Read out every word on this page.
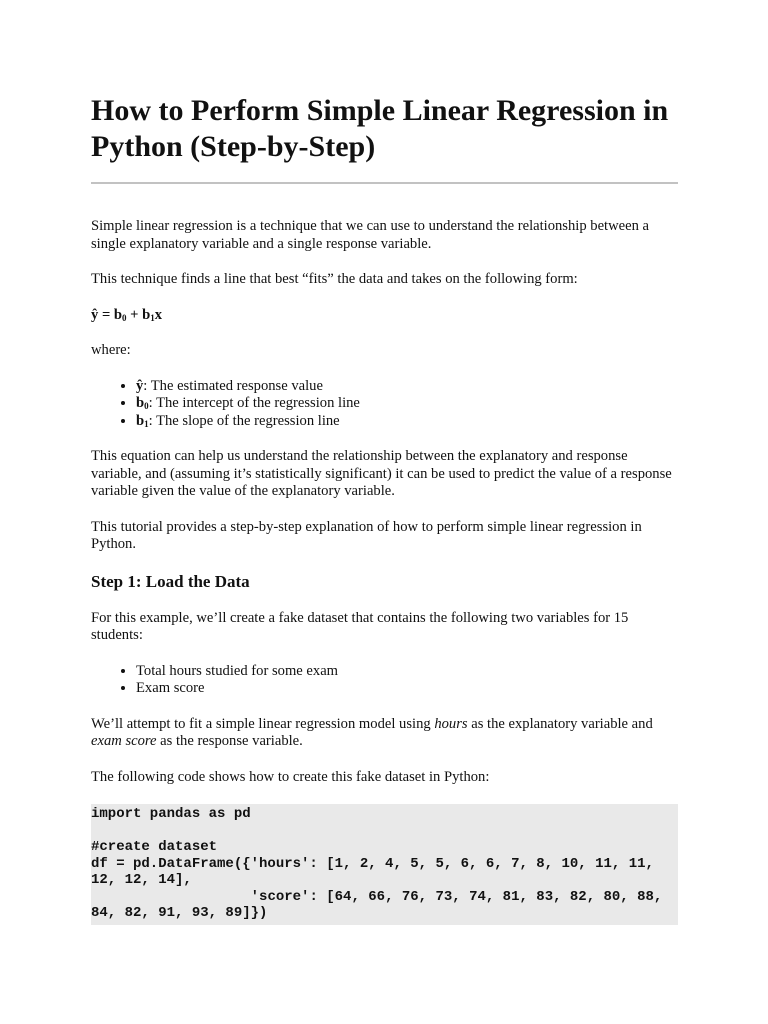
How to Perform Simple Linear Regression in Python (Step-by-Step)

Simple linear regression is a technique that we can use to understand the relationship between a single explanatory variable and a single response variable.

This technique finds a line that best “fits” the data and takes on the following form:

ŷ = $b_0 + b_1x$

where:

• ŷ: The estimated response value
• $b_0$: The intercept of the regression line
• $b_1$: The slope of the regression line

This equation can help us understand the relationship between the explanatory and response variable, and (assuming it’s statistically significant) it can be used to predict the value of a response variable given the value of the explanatory variable.

This tutorial provides a step-by-step explanation of how to perform simple linear regression in Python.

Step 1: Load the Data

For this example, we’ll create a fake dataset that contains the following two variables for 15 students:

• Total hours studied for some exam
• Exam score

We’ll attempt to fit a simple linear regression model using hours as the explanatory variable and exam score as the response variable.

The following code shows how to create this fake dataset in Python:

import pandas as pd

#create dataset
df = pd.DataFrame({'hours': [1, 2, 4, 5, 5, 6, 6, 7, 8, 10, 11, 11, 12, 12, 14],
'score': [64, 66, 76, 73, 74, 81, 83, 82, 80, 88, 84, 82, 91, 93, 89]})
